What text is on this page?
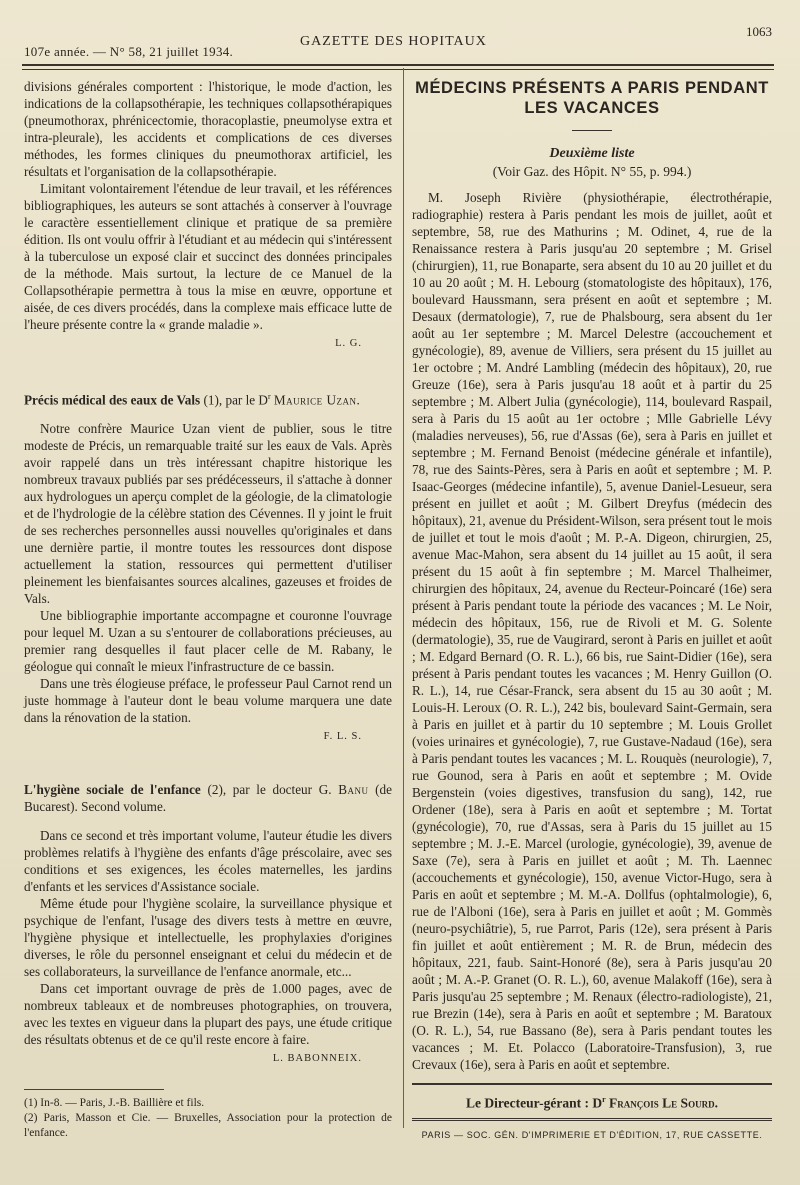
107e année. — N° 58, 21 juillet 1934.
GAZETTE DES HOPITAUX
1063

divisions générales comportent : l'historique, le mode d'action, les indications de la collapsothérapie, les techniques collapsothérapiques (pneumothorax, phrénicectomie, thoracoplastie, pneumolyse extra et intra-pleurale), les accidents et complications de ces diverses méthodes, les formes cliniques du pneumothorax artificiel, les résultats et l'organisation de la collapsothérapie.

Limitant volontairement l'étendue de leur travail, et les références bibliographiques, les auteurs se sont attachés à conserver à l'ouvrage le caractère essentiellement clinique et pratique de sa première édition. Ils ont voulu offrir à l'étudiant et au médecin qui s'intéressent à la tuberculose un exposé clair et succinct des données principales de la méthode. Mais surtout, la lecture de ce Manuel de la Collapsothérapie permettra à tous la mise en œuvre, opportune et aisée, de ces divers procédés, dans la complexe mais efficace lutte de l'heure présente contre la « grande maladie ».

L. G.

Précis médical des eaux de Vals (1), par le $D^r$ Maurice Uzan.

Notre confrère Maurice Uzan vient de publier, sous le titre modeste de Précis, un remarquable traité sur les eaux de Vals. Après avoir rappelé dans un très intéressant chapitre historique les nombreux travaux publiés par ses prédécesseurs, il s'attache à donner aux hydrologues un aperçu complet de la géologie, de la climatologie et de l'hydrologie de la célèbre station des Cévennes. Il y joint le fruit de ses recherches personnelles aussi nouvelles qu'originales et dans une dernière partie, il montre toutes les ressources dont dispose actuellement la station, ressources qui permettent d'utiliser pleinement les bienfaisantes sources alcalines, gazeuses et froides de Vals.

Une bibliographie importante accompagne et couronne l'ouvrage pour lequel M. Uzan a su s'entourer de collaborations précieuses, au premier rang desquelles il faut placer celle de M. Rabany, le géologue qui connaît le mieux l'infrastructure de ce bassin.

Dans une très élogieuse préface, le professeur Paul Carnot rend un juste hommage à l'auteur dont le beau volume marquera une date dans la rénovation de la station.

F. L. S.

L'hygiène sociale de l'enfance (2), par le docteur G. Banu (de Bucarest). Second volume.

Dans ce second et très important volume, l'auteur étudie les divers problèmes relatifs à l'hygiène des enfants d'âge préscolaire, avec ses conditions et ses exigences, les écoles maternelles, les jardins d'enfants et les services d'Assistance sociale.

Même étude pour l'hygiène scolaire, la surveillance physique et psychique de l'enfant, l'usage des divers tests à mettre en œuvre, l'hygiène physique et intellectuelle, les prophylaxies d'origines diverses, le rôle du personnel enseignant et celui du médecin et de ses collaborateurs, la surveillance de l'enfance anormale, etc...

Dans cet important ouvrage de près de 1.000 pages, avec de nombreux tableaux et de nombreuses photographies, on trouvera, avec les textes en vigueur dans la plupart des pays, une étude critique des résultats obtenus et de ce qu'il reste encore à faire.

L. BABONNEIX.

(1) In-8. — Paris, J.-B. Baillière et fils.

(2) Paris, Masson et Cie. — Bruxelles, Association pour la protection de l'enfance.

MÉDECINS PRÉSENTS A PARIS PENDANT
LES VACANCES
Deuxième liste
(Voir Gaz. des Hôpit. N° 55, p. 994.)

M. Joseph Rivière (physiothérapie, électrothérapie, radiographie) restera à Paris pendant les mois de juillet, août et septembre, 58, rue des Mathurins ; M. Odinet, 4, rue de la Renaissance restera à Paris jusqu'au 20 septembre ; M. Grisel (chirurgien), 11, rue Bonaparte, sera absent du 10 au 20 juillet et du 10 au 20 août ; M. H. Lebourg (stomatologiste des hôpitaux), 176, boulevard Haussmann, sera présent en août et septembre ; M. Desaux (dermatologie), 7, rue de Phalsbourg, sera absent du 1er août au 1er septembre ; M. Marcel Delestre (accouchement et gynécologie), 89, avenue de Villiers, sera présent du 15 juillet au 1er octobre ; M. André Lambling (médecin des hôpitaux), 20, rue Greuze (16e), sera à Paris jusqu'au 18 août et à partir du 25 septembre ; M. Albert Julia (gynécologie), 114, boulevard Raspail, sera à Paris du 15 août au 1er octobre ; Mlle Gabrielle Lévy (maladies nerveuses), 56, rue d'Assas (6e), sera à Paris en juillet et septembre ; M. Fernand Benoist (médecine générale et infantile), 78, rue des Saints-Pères, sera à Paris en août et septembre ; M. P. Isaac-Georges (médecine infantile), 5, avenue Daniel-Lesueur, sera présent en juillet et août ; M. Gilbert Dreyfus (médecin des hôpitaux), 21, avenue du Président-Wilson, sera présent tout le mois de juillet et tout le mois d'août ; M. P.-A. Digeon, chirurgien, 25, avenue Mac-Mahon, sera absent du 14 juillet au 15 août, il sera présent du 15 août à fin septembre ; M. Marcel Thalheimer, chirurgien des hôpitaux, 24, avenue du Recteur-Poincaré (16e) sera présent à Paris pendant toute la période des vacances ; M. Le Noir, médecin des hôpitaux, 156, rue de Rivoli et M. G. Solente (dermatologie), 35, rue de Vaugirard, seront à Paris en juillet et août ; M. Edgard Bernard (O. R. L.), 66 bis, rue Saint-Didier (16e), sera présent à Paris pendant toutes les vacances ; M. Henry Guillon (O. R. L.), 14, rue César-Franck, sera absent du 15 au 30 août ; M. Louis-H. Leroux (O. R. L.), 242 bis, boulevard Saint-Germain, sera à Paris en juillet et à partir du 10 septembre ; M. Louis Grollet (voies urinaires et gynécologie), 7, rue Gustave-Nadaud (16e), sera à Paris pendant toutes les vacances ; M. L. Rouquès (neurologie), 7, rue Gounod, sera à Paris en août et septembre ; M. Ovide Bergenstein (voies digestives, transfusion du sang), 142, rue Ordener (18e), sera à Paris en août et septembre ; M. Tortat (gynécologie), 70, rue d'Assas, sera à Paris du 15 juillet au 15 septembre ; M. J.-E. Marcel (urologie, gynécologie), 39, avenue de Saxe (7e), sera à Paris en juillet et août ; M. Th. Laennec (accouchements et gynécologie), 150, avenue Victor-Hugo, sera à Paris en août et septembre ; M. M.-A. Dollfus (ophtalmologie), 6, rue de l'Alboni (16e), sera à Paris en juillet et août ; M. Gommès (neuro-psychiâtrie), 5, rue Parrot, Paris (12e), sera présent à Paris fin juillet et août entièrement ; M. R. de Brun, médecin des hôpitaux, 221, faub. Saint-Honoré (8e), sera à Paris jusqu'au 20 août ; M. A.-P. Granet (O. R. L.), 60, avenue Malakoff (16e), sera à Paris jusqu'au 25 septembre ; M. Renaux (électro-radiologiste), 21, rue Brezin (14e), sera à Paris en août et septembre ; M. Baratoux (O. R. L.), 54, rue Bassano (8e), sera à Paris pendant toutes les vacances ; M. Et. Polacco (Laboratoire-Transfusion), 3, rue Crevaux (16e), sera à Paris en août et septembre.

Le Directeur-gérant : $D^r$ François Le Sourd.
PARIS — SOC. GÉN. D'IMPRIMERIE ET D'ÉDITION, 17, RUE CASSETTE.
